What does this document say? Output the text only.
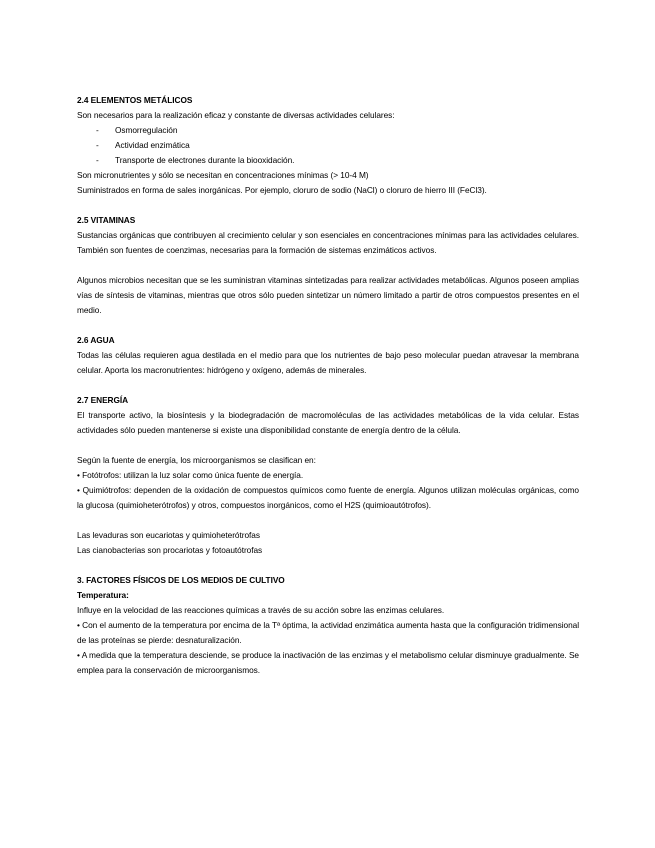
2.4 ELEMENTOS METÁLICOS

Son necesarios para la realización eficaz y constante de diversas actividades celulares:

- Osmorregulación
- Actividad enzimática
- Transporte de electrones durante la biooxidación.

Son micronutrientes y sólo se necesitan en concentraciones mínimas (> 10-4 M)

Suministrados en forma de sales inorgánicas. Por ejemplo, cloruro de sodio (NaCl) o cloruro de hierro III (FeCl3).

2.5 VITAMINAS

Sustancias orgánicas que contribuyen al crecimiento celular y son esenciales en concentraciones mínimas para las actividades celulares. También son fuentes de coenzimas, necesarias para la formación de sistemas enzimáticos activos.

Algunos microbios necesitan que se les suministran vitaminas sintetizadas para realizar actividades metabólicas. Algunos poseen amplias vías de síntesis de vitaminas, mientras que otros sólo pueden sintetizar un número limitado a partir de otros compuestos presentes en el medio.

2.6 AGUA

Todas las células requieren agua destilada en el medio para que los nutrientes de bajo peso molecular puedan atravesar la membrana celular. Aporta los macronutrientes: hidrógeno y oxígeno, además de minerales.

2.7 ENERGÍA

El transporte activo, la biosíntesis y la biodegradación de macromoléculas de las actividades metabólicas de la vida celular. Estas actividades sólo pueden mantenerse si existe una disponibilidad constante de energía dentro de la célula.

Según la fuente de energía, los microorganismos se clasifican en:

• Fotótrofos: utilizan la luz solar como única fuente de energía.

• Quimiótrofos: dependen de la oxidación de compuestos químicos como fuente de energía. Algunos utilizan moléculas orgánicas, como la glucosa (quimioheterótrofos) y otros, compuestos inorgánicos, como el H2S (quimioautótrofos).

Las levaduras son eucariotas y quimioheterótrofas

Las cianobacterias son procariotas y fotoautótrofas

3. FACTORES FÍSICOS DE LOS MEDIOS DE CULTIVO

Temperatura:

Influye en la velocidad de las reacciones químicas a través de su acción sobre las enzimas celulares.

• Con el aumento de la temperatura por encima de la Tª óptima, la actividad enzimática aumenta hasta que la configuración tridimensional de las proteínas se pierde: desnaturalización.

• A medida que la temperatura desciende, se produce la inactivación de las enzimas y el metabolismo celular disminuye gradualmente. Se emplea para la conservación de microorganismos.
